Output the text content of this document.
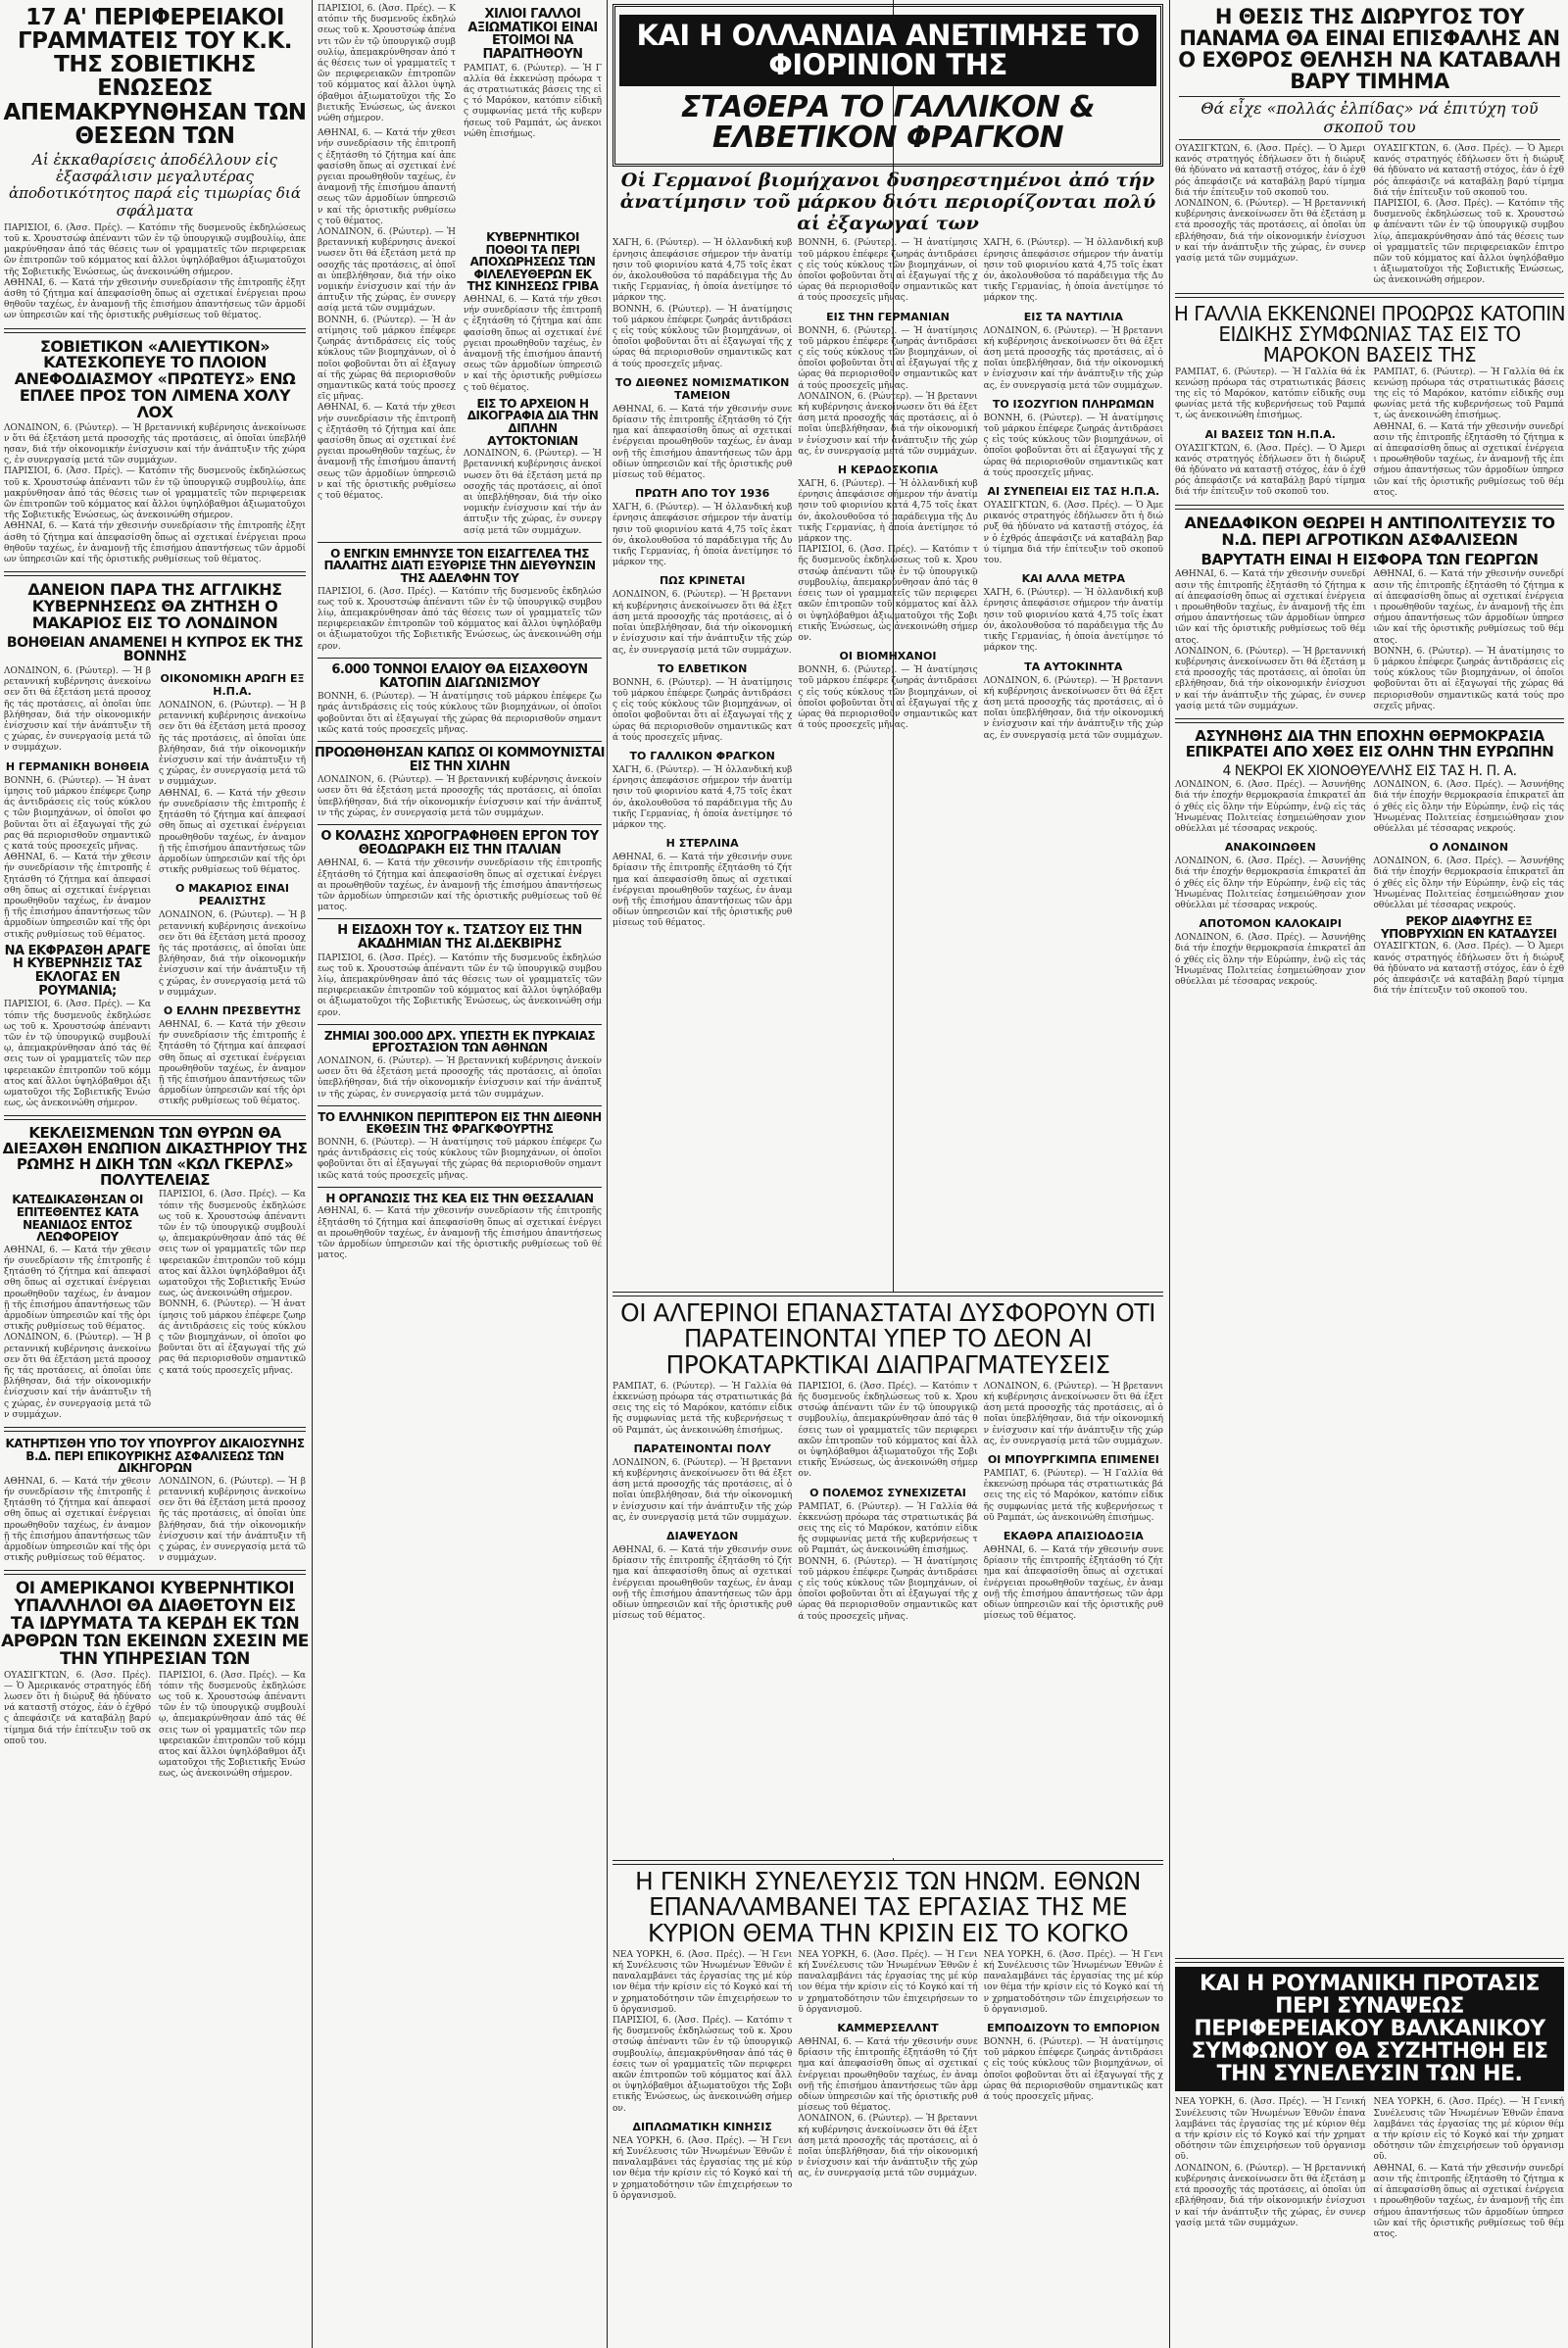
17 Α' ΠΕΡΙΦΕΡΕΙΑΚΟΙ ΓΡΑΜΜΑΤΕΙΣ ΤΟΥ Κ.Κ. ΤΗΣ ΣΟΒΙΕΤΙΚΗΣ ΕΝΩΣΕΩΣ ΑΠΕΜΑΚΡΥΝΘΗΣΑΝ ΤΩΝ ΘΕΣΕΩΝ ΤΩΝ
Αἱ ἐκκαθαρίσεις ἀποδέλλουν εἰς ἐξασφάλισιν μεγαλυτέρας ἀποδοτικότητος παρά εἰς τιμωρίας διά σφάλματα
ΠΑΡΙΣΙΟΙ, 6. (Ἀσσ. Πρές). — Κατόπιν τῆς δυσμενοῦς ἐκδηλώσεως τοῦ κ. Χρουστσώφ ἀπέναντι τῶν ἐν τῷ ὑπουργικῷ συμβουλίῳ, ἀπεμακρύνθησαν ἀπό τάς θέσεις των οἱ γραμματεῖς τῶν περιφερειακῶν ἐπιτροπῶν τοῦ κόμματος καί ἄλλοι ὑψηλόβαθμοι ἀξιωματοῦχοι τῆς Σοβιετικῆς Ἑνώσεως, ὡς ἀνεκοινώθη σήμερον.
ΑΘΗΝΑΙ, 6. — Κατά τήν χθεσινήν συνεδρίασιν τῆς ἐπιτροπῆς ἐξητάσθη τό ζήτημα καί ἀπεφασίσθη ὅπως αἱ σχετικαί ἐνέργειαι προωθηθοῦν ταχέως, ἐν ἀναμονῇ τῆς ἐπισήμου ἀπαντήσεως τῶν ἁρμοδίων ὑπηρεσιῶν καί τῆς ὁριστικῆς ρυθμίσεως τοῦ θέματος.
ΣΟΒΙΕΤΙΚΟΝ «ΑΛΙΕΥΤΙΚΟΝ» ΚΑΤΕΣΚΟΠΕΥΕ ΤΟ ΠΛΟΙΟΝ ΑΝΕΦΟΔΙΑΣΜΟΥ «ΠΡΩΤΕΥΣ» ΕΝΩ ΕΠΛΕΕ ΠΡΟΣ ΤΟΝ ΛΙΜΕΝΑ ΧΟΛΥ ΛΟΧ
ΛΟΝΔΙΝΟΝ, 6. (Ρώυτερ). — Ἡ βρεταννική κυβέρνησις ἀνεκοίνωσεν ὅτι θά ἐξετάση μετά προσοχῆς τάς προτάσεις, αἱ ὁποῖαι ὑπεβλήθησαν, διά τήν οἰκονομικήν ἐνίσχυσιν καί τήν ἀνάπτυξιν τῆς χώρας, ἐν συνεργασίᾳ μετά τῶν συμμάχων.
ΠΑΡΙΣΙΟΙ, 6. (Ἀσσ. Πρές). — Κατόπιν τῆς δυσμενοῦς ἐκδηλώσεως τοῦ κ. Χρουστσώφ ἀπέναντι τῶν ἐν τῷ ὑπουργικῷ συμβουλίῳ, ἀπεμακρύνθησαν ἀπό τάς θέσεις των οἱ γραμματεῖς τῶν περιφερειακῶν ἐπιτροπῶν τοῦ κόμματος καί ἄλλοι ὑψηλόβαθμοι ἀξιωματοῦχοι τῆς Σοβιετικῆς Ἑνώσεως, ὡς ἀνεκοινώθη σήμερον.
ΑΘΗΝΑΙ, 6. — Κατά τήν χθεσινήν συνεδρίασιν τῆς ἐπιτροπῆς ἐξητάσθη τό ζήτημα καί ἀπεφασίσθη ὅπως αἱ σχετικαί ἐνέργειαι προωθηθοῦν ταχέως, ἐν ἀναμονῇ τῆς ἐπισήμου ἀπαντήσεως τῶν ἁρμοδίων ὑπηρεσιῶν καί τῆς ὁριστικῆς ρυθμίσεως τοῦ θέματος.
ΔΑΝΕΙΟΝ ΠΑΡΑ ΤΗΣ ΑΓΓΛΙΚΗΣ ΚΥΒΕΡΝΗΣΕΩΣ ΘΑ ΖΗΤΗΣΗ Ο ΜΑΚΑΡΙΟΣ ΕΙΣ ΤΟ ΛΟΝΔΙΝΟΝ
ΒΟΗΘΕΙΑΝ ΑΝΑΜΕΝΕΙ Η ΚΥΠΡΟΣ ΕΚ ΤΗΣ ΒΟΝΝΗΣ
ΛΟΝΔΙΝΟΝ, 6. (Ρώυτερ). — Ἡ βρεταννική κυβέρνησις ἀνεκοίνωσεν ὅτι θά ἐξετάση μετά προσοχῆς τάς προτάσεις, αἱ ὁποῖαι ὑπεβλήθησαν, διά τήν οἰκονομικήν ἐνίσχυσιν καί τήν ἀνάπτυξιν τῆς χώρας, ἐν συνεργασίᾳ μετά τῶν συμμάχων.
Η ΓΕΡΜΑΝΙΚΗ ΒΟΗΘΕΙΑ
ΒΟΝΝΗ, 6. (Ρώυτερ). — Ἡ ἀνατίμησις τοῦ μάρκου ἐπέφερε ζωηράς ἀντιδράσεις εἰς τούς κύκλους τῶν βιομηχάνων, οἱ ὁποῖοι φοβοῦνται ὅτι αἱ ἐξαγωγαί τῆς χώρας θά περιορισθοῦν σημαντικῶς κατά τούς προσεχεῖς μῆνας.
ΑΘΗΝΑΙ, 6. — Κατά τήν χθεσινήν συνεδρίασιν τῆς ἐπιτροπῆς ἐξητάσθη τό ζήτημα καί ἀπεφασίσθη ὅπως αἱ σχετικαί ἐνέργειαι προωθηθοῦν ταχέως, ἐν ἀναμονῇ τῆς ἐπισήμου ἀπαντήσεως τῶν ἁρμοδίων ὑπηρεσιῶν καί τῆς ὁριστικῆς ρυθμίσεως τοῦ θέματος.
ΝΑ ΕΚΦΡΑΣΘΗ ΑΡΑΓΕ Η ΚΥΒΕΡΝΗΣΙΣ ΤΑΣ ΕΚΛΟΓΑΣ ΕΝ ΡΟΥΜΑΝΙΑ;
ΠΑΡΙΣΙΟΙ, 6. (Ἀσσ. Πρές). — Κατόπιν τῆς δυσμενοῦς ἐκδηλώσεως τοῦ κ. Χρουστσώφ ἀπέναντι τῶν ἐν τῷ ὑπουργικῷ συμβουλίῳ, ἀπεμακρύνθησαν ἀπό τάς θέσεις των οἱ γραμματεῖς τῶν περιφερειακῶν ἐπιτροπῶν τοῦ κόμματος καί ἄλλοι ὑψηλόβαθμοι ἀξιωματοῦχοι τῆς Σοβιετικῆς Ἑνώσεως, ὡς ἀνεκοινώθη σήμερον.
ΟΙΚΟΝΟΜΙΚΗ ΑΡΩΓΗ ΕΞ Η.Π.Α.
ΛΟΝΔΙΝΟΝ, 6. (Ρώυτερ). — Ἡ βρεταννική κυβέρνησις ἀνεκοίνωσεν ὅτι θά ἐξετάση μετά προσοχῆς τάς προτάσεις, αἱ ὁποῖαι ὑπεβλήθησαν, διά τήν οἰκονομικήν ἐνίσχυσιν καί τήν ἀνάπτυξιν τῆς χώρας, ἐν συνεργασίᾳ μετά τῶν συμμάχων.
ΑΘΗΝΑΙ, 6. — Κατά τήν χθεσινήν συνεδρίασιν τῆς ἐπιτροπῆς ἐξητάσθη τό ζήτημα καί ἀπεφασίσθη ὅπως αἱ σχετικαί ἐνέργειαι προωθηθοῦν ταχέως, ἐν ἀναμονῇ τῆς ἐπισήμου ἀπαντήσεως τῶν ἁρμοδίων ὑπηρεσιῶν καί τῆς ὁριστικῆς ρυθμίσεως τοῦ θέματος.
Ο ΜΑΚΑΡΙΟΣ ΕΙΝΑΙ ΡΕΑΛΙΣΤΗΣ
ΛΟΝΔΙΝΟΝ, 6. (Ρώυτερ). — Ἡ βρεταννική κυβέρνησις ἀνεκοίνωσεν ὅτι θά ἐξετάση μετά προσοχῆς τάς προτάσεις, αἱ ὁποῖαι ὑπεβλήθησαν, διά τήν οἰκονομικήν ἐνίσχυσιν καί τήν ἀνάπτυξιν τῆς χώρας, ἐν συνεργασίᾳ μετά τῶν συμμάχων.
Ο ΕΛΛΗΝ ΠΡΕΣΒΕΥΤΗΣ
ΑΘΗΝΑΙ, 6. — Κατά τήν χθεσινήν συνεδρίασιν τῆς ἐπιτροπῆς ἐξητάσθη τό ζήτημα καί ἀπεφασίσθη ὅπως αἱ σχετικαί ἐνέργειαι προωθηθοῦν ταχέως, ἐν ἀναμονῇ τῆς ἐπισήμου ἀπαντήσεως τῶν ἁρμοδίων ὑπηρεσιῶν καί τῆς ὁριστικῆς ρυθμίσεως τοῦ θέματος.
ΚΕΚΛΕΙΣΜΕΝΩΝ ΤΩΝ ΘΥΡΩΝ ΘΑ ΔΙΕΞΑΧΘΗ ΕΝΩΠΙΟΝ ΔΙΚΑΣΤΗΡΙΟΥ ΤΗΣ ΡΩΜΗΣ Η ΔΙΚΗ ΤΩΝ «ΚΩΛ ΓΚΕΡΛΣ» ΠΟΛΥΤΕΛΕΙΑΣ
ΚΑΤΕΔΙΚΑΣΘΗΣΑΝ ΟΙ ΕΠΙΤΕΘΕΝΤΕΣ ΚΑΤΑ ΝΕΑΝΙΔΟΣ ΕΝΤΟΣ ΛΕΩΦΟΡΕΙΟΥ
ΑΘΗΝΑΙ, 6. — Κατά τήν χθεσινήν συνεδρίασιν τῆς ἐπιτροπῆς ἐξητάσθη τό ζήτημα καί ἀπεφασίσθη ὅπως αἱ σχετικαί ἐνέργειαι προωθηθοῦν ταχέως, ἐν ἀναμονῇ τῆς ἐπισήμου ἀπαντήσεως τῶν ἁρμοδίων ὑπηρεσιῶν καί τῆς ὁριστικῆς ρυθμίσεως τοῦ θέματος.
ΛΟΝΔΙΝΟΝ, 6. (Ρώυτερ). — Ἡ βρεταννική κυβέρνησις ἀνεκοίνωσεν ὅτι θά ἐξετάση μετά προσοχῆς τάς προτάσεις, αἱ ὁποῖαι ὑπεβλήθησαν, διά τήν οἰκονομικήν ἐνίσχυσιν καί τήν ἀνάπτυξιν τῆς χώρας, ἐν συνεργασίᾳ μετά τῶν συμμάχων.
ΠΑΡΙΣΙΟΙ, 6. (Ἀσσ. Πρές). — Κατόπιν τῆς δυσμενοῦς ἐκδηλώσεως τοῦ κ. Χρουστσώφ ἀπέναντι τῶν ἐν τῷ ὑπουργικῷ συμβουλίῳ, ἀπεμακρύνθησαν ἀπό τάς θέσεις των οἱ γραμματεῖς τῶν περιφερειακῶν ἐπιτροπῶν τοῦ κόμματος καί ἄλλοι ὑψηλόβαθμοι ἀξιωματοῦχοι τῆς Σοβιετικῆς Ἑνώσεως, ὡς ἀνεκοινώθη σήμερον.
ΒΟΝΝΗ, 6. (Ρώυτερ). — Ἡ ἀνατίμησις τοῦ μάρκου ἐπέφερε ζωηράς ἀντιδράσεις εἰς τούς κύκλους τῶν βιομηχάνων, οἱ ὁποῖοι φοβοῦνται ὅτι αἱ ἐξαγωγαί τῆς χώρας θά περιορισθοῦν σημαντικῶς κατά τούς προσεχεῖς μῆνας.
ΚΑΤΗΡΤΙΣΘΗ ΥΠΟ ΤΟΥ ΥΠΟΥΡΓΟΥ ΔΙΚΑΙΟΣΥΝΗΣ Β.Δ. ΠΕΡΙ ΕΠΙΚΟΥΡΙΚΗΣ ΑΣΦΑΛΙΣΕΩΣ ΤΩΝ ΔΙΚΗΓΟΡΩΝ
ΑΘΗΝΑΙ, 6. — Κατά τήν χθεσινήν συνεδρίασιν τῆς ἐπιτροπῆς ἐξητάσθη τό ζήτημα καί ἀπεφασίσθη ὅπως αἱ σχετικαί ἐνέργειαι προωθηθοῦν ταχέως, ἐν ἀναμονῇ τῆς ἐπισήμου ἀπαντήσεως τῶν ἁρμοδίων ὑπηρεσιῶν καί τῆς ὁριστικῆς ρυθμίσεως τοῦ θέματος.
ΛΟΝΔΙΝΟΝ, 6. (Ρώυτερ). — Ἡ βρεταννική κυβέρνησις ἀνεκοίνωσεν ὅτι θά ἐξετάση μετά προσοχῆς τάς προτάσεις, αἱ ὁποῖαι ὑπεβλήθησαν, διά τήν οἰκονομικήν ἐνίσχυσιν καί τήν ἀνάπτυξιν τῆς χώρας, ἐν συνεργασίᾳ μετά τῶν συμμάχων.
ΟΙ ΑΜΕΡΙΚΑΝΟΙ ΚΥΒΕΡΝΗΤΙΚΟΙ ΥΠΑΛΛΗΛΟΙ ΘΑ ΔΙΑΘΕΤΟΥΝ ΕΙΣ ΤΑ ΙΔΡΥΜΑΤΑ ΤΑ ΚΕΡΔΗ ΕΚ ΤΩΝ ΑΡΘΡΩΝ ΤΩΝ ΕΚΕΙΝΩΝ ΣΧΕΣΙΝ ΜΕ ΤΗΝ ΥΠΗΡΕΣΙΑΝ ΤΩΝ
ΟΥΑΣΙΓΚΤΩΝ, 6. (Ἀσσ. Πρές). — Ὁ Ἀμερικανός στρατηγός ἐδήλωσεν ὅτι ἡ διώρυξ θά ἠδύνατο νά καταστῇ στόχος, ἐάν ὁ ἐχθρός ἀπεφάσιζε νά καταβάλῃ βαρύ τίμημα διά τήν ἐπίτευξιν τοῦ σκοποῦ του.
ΠΑΡΙΣΙΟΙ, 6. (Ἀσσ. Πρές). — Κατόπιν τῆς δυσμενοῦς ἐκδηλώσεως τοῦ κ. Χρουστσώφ ἀπέναντι τῶν ἐν τῷ ὑπουργικῷ συμβουλίῳ, ἀπεμακρύνθησαν ἀπό τάς θέσεις των οἱ γραμματεῖς τῶν περιφερειακῶν ἐπιτροπῶν τοῦ κόμματος καί ἄλλοι ὑψηλόβαθμοι ἀξιωματοῦχοι τῆς Σοβιετικῆς Ἑνώσεως, ὡς ἀνεκοινώθη σήμερον.
ΠΑΡΙΣΙΟΙ, 6. (Ἀσσ. Πρές). — Κατόπιν τῆς δυσμενοῦς ἐκδηλώσεως τοῦ κ. Χρουστσώφ ἀπέναντι τῶν ἐν τῷ ὑπουργικῷ συμβουλίῳ, ἀπεμακρύνθησαν ἀπό τάς θέσεις των οἱ γραμματεῖς τῶν περιφερειακῶν ἐπιτροπῶν τοῦ κόμματος καί ἄλλοι ὑψηλόβαθμοι ἀξιωματοῦχοι τῆς Σοβιετικῆς Ἑνώσεως, ὡς ἀνεκοινώθη σήμερον.
ΑΘΗΝΑΙ, 6. — Κατά τήν χθεσινήν συνεδρίασιν τῆς ἐπιτροπῆς ἐξητάσθη τό ζήτημα καί ἀπεφασίσθη ὅπως αἱ σχετικαί ἐνέργειαι προωθηθοῦν ταχέως, ἐν ἀναμονῇ τῆς ἐπισήμου ἀπαντήσεως τῶν ἁρμοδίων ὑπηρεσιῶν καί τῆς ὁριστικῆς ρυθμίσεως τοῦ θέματος.
ΧΙΛΙΟΙ ΓΑΛΛΟΙ ΑΞΙΩΜΑΤΙΚΟΙ ΕΙΝΑΙ ΕΤΟΙΜΟΙ ΝΑ ΠΑΡΑΙΤΗΘΟΥΝ
ΡΑΜΠΑΤ, 6. (Ρώυτερ). — Ἡ Γαλλία θά ἐκκενώσῃ πρόωρα τάς στρατιωτικάς βάσεις της εἰς τό Μαρόκον, κατόπιν εἰδικῆς συμφωνίας μετά τῆς κυβερνήσεως τοῦ Ραμπάτ, ὡς ἀνεκοινώθη ἐπισήμως.
ΛΟΝΔΙΝΟΝ, 6. (Ρώυτερ). — Ἡ βρεταννική κυβέρνησις ἀνεκοίνωσεν ὅτι θά ἐξετάση μετά προσοχῆς τάς προτάσεις, αἱ ὁποῖαι ὑπεβλήθησαν, διά τήν οἰκονομικήν ἐνίσχυσιν καί τήν ἀνάπτυξιν τῆς χώρας, ἐν συνεργασίᾳ μετά τῶν συμμάχων.
ΒΟΝΝΗ, 6. (Ρώυτερ). — Ἡ ἀνατίμησις τοῦ μάρκου ἐπέφερε ζωηράς ἀντιδράσεις εἰς τούς κύκλους τῶν βιομηχάνων, οἱ ὁποῖοι φοβοῦνται ὅτι αἱ ἐξαγωγαί τῆς χώρας θά περιορισθοῦν σημαντικῶς κατά τούς προσεχεῖς μῆνας.
ΑΘΗΝΑΙ, 6. — Κατά τήν χθεσινήν συνεδρίασιν τῆς ἐπιτροπῆς ἐξητάσθη τό ζήτημα καί ἀπεφασίσθη ὅπως αἱ σχετικαί ἐνέργειαι προωθηθοῦν ταχέως, ἐν ἀναμονῇ τῆς ἐπισήμου ἀπαντήσεως τῶν ἁρμοδίων ὑπηρεσιῶν καί τῆς ὁριστικῆς ρυθμίσεως τοῦ θέματος.
ΚΥΒΕΡΝΗΤΙΚΟΙ ΠΟΘΟΙ ΤΑ ΠΕΡΙ ΑΠΟΧΩΡΗΣΕΩΣ ΤΩΝ ΦΙΛΕΛΕΥΘΕΡΩΝ ΕΚ ΤΗΣ ΚΙΝΗΣΕΩΣ ΓΡΙΒΑ
ΑΘΗΝΑΙ, 6. — Κατά τήν χθεσινήν συνεδρίασιν τῆς ἐπιτροπῆς ἐξητάσθη τό ζήτημα καί ἀπεφασίσθη ὅπως αἱ σχετικαί ἐνέργειαι προωθηθοῦν ταχέως, ἐν ἀναμονῇ τῆς ἐπισήμου ἀπαντήσεως τῶν ἁρμοδίων ὑπηρεσιῶν καί τῆς ὁριστικῆς ρυθμίσεως τοῦ θέματος.
ΕΙΣ ΤΟ ΑΡΧΕΙΟΝ Η ΔΙΚΟΓΡΑΦΙΑ ΔΙΑ ΤΗΝ ΔΙΠΛΗΝ ΑΥΤΟΚΤΟΝΙΑΝ
ΛΟΝΔΙΝΟΝ, 6. (Ρώυτερ). — Ἡ βρεταννική κυβέρνησις ἀνεκοίνωσεν ὅτι θά ἐξετάση μετά προσοχῆς τάς προτάσεις, αἱ ὁποῖαι ὑπεβλήθησαν, διά τήν οἰκονομικήν ἐνίσχυσιν καί τήν ἀνάπτυξιν τῆς χώρας, ἐν συνεργασίᾳ μετά τῶν συμμάχων.
Ο ΕΝΓΚΙΝ ΕΜΗΝΥΣΕ ΤΟΝ ΕΙΣΑΓΓΕΛΕΑ ΤΗΣ ΠΑΛΑΙΤΗΣ ΔΙΑΤΙ ΕΞΥΘΡΙΣΕ ΤΗΝ ΔΙΕΥΘΥΝΣΙΝ ΤΗΣ ΑΔΕΛΦΗΝ ΤΟΥ
ΠΑΡΙΣΙΟΙ, 6. (Ἀσσ. Πρές). — Κατόπιν τῆς δυσμενοῦς ἐκδηλώσεως τοῦ κ. Χρουστσώφ ἀπέναντι τῶν ἐν τῷ ὑπουργικῷ συμβουλίῳ, ἀπεμακρύνθησαν ἀπό τάς θέσεις των οἱ γραμματεῖς τῶν περιφερειακῶν ἐπιτροπῶν τοῦ κόμματος καί ἄλλοι ὑψηλόβαθμοι ἀξιωματοῦχοι τῆς Σοβιετικῆς Ἑνώσεως, ὡς ἀνεκοινώθη σήμερον.
6.000 ΤΟΝΝΟΙ ΕΛΑΙΟΥ ΘΑ ΕΙΣΑΧΘΟΥΝ ΚΑΤΟΠΙΝ ΔΙΑΓΩΝΙΣΜΟΥ
ΒΟΝΝΗ, 6. (Ρώυτερ). — Ἡ ἀνατίμησις τοῦ μάρκου ἐπέφερε ζωηράς ἀντιδράσεις εἰς τούς κύκλους τῶν βιομηχάνων, οἱ ὁποῖοι φοβοῦνται ὅτι αἱ ἐξαγωγαί τῆς χώρας θά περιορισθοῦν σημαντικῶς κατά τούς προσεχεῖς μῆνας.
ΠΡΟΩΘΗΘΗΣΑΝ ΚΑΠΩΣ ΟΙ ΚΟΜΜΟΥΝΙΣΤΑΙ ΕΙΣ ΤΗΝ ΧΙΛΗΝ
ΛΟΝΔΙΝΟΝ, 6. (Ρώυτερ). — Ἡ βρεταννική κυβέρνησις ἀνεκοίνωσεν ὅτι θά ἐξετάση μετά προσοχῆς τάς προτάσεις, αἱ ὁποῖαι ὑπεβλήθησαν, διά τήν οἰκονομικήν ἐνίσχυσιν καί τήν ἀνάπτυξιν τῆς χώρας, ἐν συνεργασίᾳ μετά τῶν συμμάχων.
Ο ΚΟΛΑΣΗΣ ΧΩΡΟΓΡΑΦΗΘΕΝ ΕΡΓΟΝ ΤΟΥ ΘΕΟΔΩΡΑΚΗ ΕΙΣ ΤΗΝ ΙΤΑΛΙΑΝ
ΑΘΗΝΑΙ, 6. — Κατά τήν χθεσινήν συνεδρίασιν τῆς ἐπιτροπῆς ἐξητάσθη τό ζήτημα καί ἀπεφασίσθη ὅπως αἱ σχετικαί ἐνέργειαι προωθηθοῦν ταχέως, ἐν ἀναμονῇ τῆς ἐπισήμου ἀπαντήσεως τῶν ἁρμοδίων ὑπηρεσιῶν καί τῆς ὁριστικῆς ρυθμίσεως τοῦ θέματος.
Η ΕΙΣΔΟΧΗ ΤΟΥ κ. ΤΣΑΤΣΟΥ ΕΙΣ ΤΗΝ ΑΚΑΔΗΜΙΑΝ ΤΗΣ ΑΙ.ΔΕΚΒΙΡΗΣ
ΠΑΡΙΣΙΟΙ, 6. (Ἀσσ. Πρές). — Κατόπιν τῆς δυσμενοῦς ἐκδηλώσεως τοῦ κ. Χρουστσώφ ἀπέναντι τῶν ἐν τῷ ὑπουργικῷ συμβουλίῳ, ἀπεμακρύνθησαν ἀπό τάς θέσεις των οἱ γραμματεῖς τῶν περιφερειακῶν ἐπιτροπῶν τοῦ κόμματος καί ἄλλοι ὑψηλόβαθμοι ἀξιωματοῦχοι τῆς Σοβιετικῆς Ἑνώσεως, ὡς ἀνεκοινώθη σήμερον.
ΖΗΜΙΑΙ 300.000 ΔΡΧ. ΥΠΕΣΤΗ ΕΚ ΠΥΡΚΑΙΑΣ ΕΡΓΟΣΤΑΣΙΟΝ ΤΩΝ ΑΘΗΝΩΝ
ΛΟΝΔΙΝΟΝ, 6. (Ρώυτερ). — Ἡ βρεταννική κυβέρνησις ἀνεκοίνωσεν ὅτι θά ἐξετάση μετά προσοχῆς τάς προτάσεις, αἱ ὁποῖαι ὑπεβλήθησαν, διά τήν οἰκονομικήν ἐνίσχυσιν καί τήν ἀνάπτυξιν τῆς χώρας, ἐν συνεργασίᾳ μετά τῶν συμμάχων.
ΤΟ ΕΛΛΗΝΙΚΟΝ ΠΕΡΙΠΤΕΡΟΝ ΕΙΣ ΤΗΝ ΔΙΕΘΝΗ ΕΚΘΕΣΙΝ ΤΗΣ ΦΡΑΓΚΦΟΥΡΤΗΣ
ΒΟΝΝΗ, 6. (Ρώυτερ). — Ἡ ἀνατίμησις τοῦ μάρκου ἐπέφερε ζωηράς ἀντιδράσεις εἰς τούς κύκλους τῶν βιομηχάνων, οἱ ὁποῖοι φοβοῦνται ὅτι αἱ ἐξαγωγαί τῆς χώρας θά περιορισθοῦν σημαντικῶς κατά τούς προσεχεῖς μῆνας.
Η ΟΡΓΑΝΩΣΙΣ ΤΗΣ ΚΕΑ ΕΙΣ ΤΗΝ ΘΕΣΣΑΛΙΑΝ
ΑΘΗΝΑΙ, 6. — Κατά τήν χθεσινήν συνεδρίασιν τῆς ἐπιτροπῆς ἐξητάσθη τό ζήτημα καί ἀπεφασίσθη ὅπως αἱ σχετικαί ἐνέργειαι προωθηθοῦν ταχέως, ἐν ἀναμονῇ τῆς ἐπισήμου ἀπαντήσεως τῶν ἁρμοδίων ὑπηρεσιῶν καί τῆς ὁριστικῆς ρυθμίσεως τοῦ θέματος.
ΚΑΙ Η ΟΛΛΑΝΔΙΑ ΑΝΕΤΙΜΗΣΕ ΤΟ ΦΙΟΡΙΝΙΟΝ ΤΗΣ
ΣΤΑΘΕΡΑ ΤΟ ΓΑΛΛΙΚΟΝ & ΕΛΒΕΤΙΚΟΝ ΦΡΑΓΚΟΝ
Οἱ Γερμανοί βιομήχανοι δυσηρεστημένοι ἀπό τήν ἀνατίμησιν τοῦ μάρκου διότι περιορίζονται πολύ αἱ ἐξαγωγαί των
ΧΑΓΗ, 6. (Ρώυτερ). — Ἡ ὀλλανδική κυβέρνησις ἀπεφάσισε σήμερον τήν ἀνατίμησιν τοῦ φιορινίου κατά 4,75 τοῖς ἑκατόν, ἀκολουθοῦσα τό παράδειγμα τῆς Δυτικῆς Γερμανίας, ἡ ὁποία ἀνετίμησε τό μάρκον της.
ΒΟΝΝΗ, 6. (Ρώυτερ). — Ἡ ἀνατίμησις τοῦ μάρκου ἐπέφερε ζωηράς ἀντιδράσεις εἰς τούς κύκλους τῶν βιομηχάνων, οἱ ὁποῖοι φοβοῦνται ὅτι αἱ ἐξαγωγαί τῆς χώρας θά περιορισθοῦν σημαντικῶς κατά τούς προσεχεῖς μῆνας.
ΤΟ ΔΙΕΘΝΕΣ ΝΟΜΙΣΜΑΤΙΚΟΝ ΤΑΜΕΙΟΝ
ΑΘΗΝΑΙ, 6. — Κατά τήν χθεσινήν συνεδρίασιν τῆς ἐπιτροπῆς ἐξητάσθη τό ζήτημα καί ἀπεφασίσθη ὅπως αἱ σχετικαί ἐνέργειαι προωθηθοῦν ταχέως, ἐν ἀναμονῇ τῆς ἐπισήμου ἀπαντήσεως τῶν ἁρμοδίων ὑπηρεσιῶν καί τῆς ὁριστικῆς ρυθμίσεως τοῦ θέματος.
ΠΡΩΤΗ ΑΠΟ ΤΟΥ 1936
ΧΑΓΗ, 6. (Ρώυτερ). — Ἡ ὀλλανδική κυβέρνησις ἀπεφάσισε σήμερον τήν ἀνατίμησιν τοῦ φιορινίου κατά 4,75 τοῖς ἑκατόν, ἀκολουθοῦσα τό παράδειγμα τῆς Δυτικῆς Γερμανίας, ἡ ὁποία ἀνετίμησε τό μάρκον της.
ΠΩΣ ΚΡΙΝΕΤΑΙ
ΛΟΝΔΙΝΟΝ, 6. (Ρώυτερ). — Ἡ βρεταννική κυβέρνησις ἀνεκοίνωσεν ὅτι θά ἐξετάση μετά προσοχῆς τάς προτάσεις, αἱ ὁποῖαι ὑπεβλήθησαν, διά τήν οἰκονομικήν ἐνίσχυσιν καί τήν ἀνάπτυξιν τῆς χώρας, ἐν συνεργασίᾳ μετά τῶν συμμάχων.
ΤΟ ΕΛΒΕΤΙΚΟΝ
ΒΟΝΝΗ, 6. (Ρώυτερ). — Ἡ ἀνατίμησις τοῦ μάρκου ἐπέφερε ζωηράς ἀντιδράσεις εἰς τούς κύκλους τῶν βιομηχάνων, οἱ ὁποῖοι φοβοῦνται ὅτι αἱ ἐξαγωγαί τῆς χώρας θά περιορισθοῦν σημαντικῶς κατά τούς προσεχεῖς μῆνας.
ΤΟ ΓΑΛΛΙΚΟΝ ΦΡΑΓΚΟΝ
ΧΑΓΗ, 6. (Ρώυτερ). — Ἡ ὀλλανδική κυβέρνησις ἀπεφάσισε σήμερον τήν ἀνατίμησιν τοῦ φιορινίου κατά 4,75 τοῖς ἑκατόν, ἀκολουθοῦσα τό παράδειγμα τῆς Δυτικῆς Γερμανίας, ἡ ὁποία ἀνετίμησε τό μάρκον της.
Η ΣΤΕΡΛΙΝΑ
ΑΘΗΝΑΙ, 6. — Κατά τήν χθεσινήν συνεδρίασιν τῆς ἐπιτροπῆς ἐξητάσθη τό ζήτημα καί ἀπεφασίσθη ὅπως αἱ σχετικαί ἐνέργειαι προωθηθοῦν ταχέως, ἐν ἀναμονῇ τῆς ἐπισήμου ἀπαντήσεως τῶν ἁρμοδίων ὑπηρεσιῶν καί τῆς ὁριστικῆς ρυθμίσεως τοῦ θέματος.
ΒΟΝΝΗ, 6. (Ρώυτερ). — Ἡ ἀνατίμησις τοῦ μάρκου ἐπέφερε ζωηράς ἀντιδράσεις εἰς τούς κύκλους τῶν βιομηχάνων, οἱ ὁποῖοι φοβοῦνται ὅτι αἱ ἐξαγωγαί τῆς χώρας θά περιορισθοῦν σημαντικῶς κατά τούς προσεχεῖς μῆνας.
ΕΙΣ ΤΗΝ ΓΕΡΜΑΝΙΑΝ
ΒΟΝΝΗ, 6. (Ρώυτερ). — Ἡ ἀνατίμησις τοῦ μάρκου ἐπέφερε ζωηράς ἀντιδράσεις εἰς τούς κύκλους τῶν βιομηχάνων, οἱ ὁποῖοι φοβοῦνται ὅτι αἱ ἐξαγωγαί τῆς χώρας θά περιορισθοῦν σημαντικῶς κατά τούς προσεχεῖς μῆνας.
ΛΟΝΔΙΝΟΝ, 6. (Ρώυτερ). — Ἡ βρεταννική κυβέρνησις ἀνεκοίνωσεν ὅτι θά ἐξετάση μετά προσοχῆς τάς προτάσεις, αἱ ὁποῖαι ὑπεβλήθησαν, διά τήν οἰκονομικήν ἐνίσχυσιν καί τήν ἀνάπτυξιν τῆς χώρας, ἐν συνεργασίᾳ μετά τῶν συμμάχων.
Η ΚΕΡΔΟΣΚΟΠΙΑ
ΧΑΓΗ, 6. (Ρώυτερ). — Ἡ ὀλλανδική κυβέρνησις ἀπεφάσισε σήμερον τήν ἀνατίμησιν τοῦ φιορινίου κατά 4,75 τοῖς ἑκατόν, ἀκολουθοῦσα τό παράδειγμα τῆς Δυτικῆς Γερμανίας, ἡ ὁποία ἀνετίμησε τό μάρκον της.
ΠΑΡΙΣΙΟΙ, 6. (Ἀσσ. Πρές). — Κατόπιν τῆς δυσμενοῦς ἐκδηλώσεως τοῦ κ. Χρουστσώφ ἀπέναντι τῶν ἐν τῷ ὑπουργικῷ συμβουλίῳ, ἀπεμακρύνθησαν ἀπό τάς θέσεις των οἱ γραμματεῖς τῶν περιφερειακῶν ἐπιτροπῶν τοῦ κόμματος καί ἄλλοι ὑψηλόβαθμοι ἀξιωματοῦχοι τῆς Σοβιετικῆς Ἑνώσεως, ὡς ἀνεκοινώθη σήμερον.
ΟΙ ΒΙΟΜΗΧΑΝΟΙ
ΒΟΝΝΗ, 6. (Ρώυτερ). — Ἡ ἀνατίμησις τοῦ μάρκου ἐπέφερε ζωηράς ἀντιδράσεις εἰς τούς κύκλους τῶν βιομηχάνων, οἱ ὁποῖοι φοβοῦνται ὅτι αἱ ἐξαγωγαί τῆς χώρας θά περιορισθοῦν σημαντικῶς κατά τούς προσεχεῖς μῆνας.
ΧΑΓΗ, 6. (Ρώυτερ). — Ἡ ὀλλανδική κυβέρνησις ἀπεφάσισε σήμερον τήν ἀνατίμησιν τοῦ φιορινίου κατά 4,75 τοῖς ἑκατόν, ἀκολουθοῦσα τό παράδειγμα τῆς Δυτικῆς Γερμανίας, ἡ ὁποία ἀνετίμησε τό μάρκον της.
ΕΙΣ ΤΑ ΝΑΥΤΙΛΙΑ
ΛΟΝΔΙΝΟΝ, 6. (Ρώυτερ). — Ἡ βρεταννική κυβέρνησις ἀνεκοίνωσεν ὅτι θά ἐξετάση μετά προσοχῆς τάς προτάσεις, αἱ ὁποῖαι ὑπεβλήθησαν, διά τήν οἰκονομικήν ἐνίσχυσιν καί τήν ἀνάπτυξιν τῆς χώρας, ἐν συνεργασίᾳ μετά τῶν συμμάχων.
ΤΟ ΙΣΟΖΥΓΙΟΝ ΠΛΗΡΩΜΩΝ
ΒΟΝΝΗ, 6. (Ρώυτερ). — Ἡ ἀνατίμησις τοῦ μάρκου ἐπέφερε ζωηράς ἀντιδράσεις εἰς τούς κύκλους τῶν βιομηχάνων, οἱ ὁποῖοι φοβοῦνται ὅτι αἱ ἐξαγωγαί τῆς χώρας θά περιορισθοῦν σημαντικῶς κατά τούς προσεχεῖς μῆνας.
ΑΙ ΣΥΝΕΠΕΙΑΙ ΕΙΣ ΤΑΣ Η.Π.Α.
ΟΥΑΣΙΓΚΤΩΝ, 6. (Ἀσσ. Πρές). — Ὁ Ἀμερικανός στρατηγός ἐδήλωσεν ὅτι ἡ διώρυξ θά ἠδύνατο νά καταστῇ στόχος, ἐάν ὁ ἐχθρός ἀπεφάσιζε νά καταβάλῃ βαρύ τίμημα διά τήν ἐπίτευξιν τοῦ σκοποῦ του.
ΚΑΙ ΑΛΛΑ ΜΕΤΡΑ
ΧΑΓΗ, 6. (Ρώυτερ). — Ἡ ὀλλανδική κυβέρνησις ἀπεφάσισε σήμερον τήν ἀνατίμησιν τοῦ φιορινίου κατά 4,75 τοῖς ἑκατόν, ἀκολουθοῦσα τό παράδειγμα τῆς Δυτικῆς Γερμανίας, ἡ ὁποία ἀνετίμησε τό μάρκον της.
ΤΑ ΑΥΤΟΚΙΝΗΤΑ
ΛΟΝΔΙΝΟΝ, 6. (Ρώυτερ). — Ἡ βρεταννική κυβέρνησις ἀνεκοίνωσεν ὅτι θά ἐξετάση μετά προσοχῆς τάς προτάσεις, αἱ ὁποῖαι ὑπεβλήθησαν, διά τήν οἰκονομικήν ἐνίσχυσιν καί τήν ἀνάπτυξιν τῆς χώρας, ἐν συνεργασίᾳ μετά τῶν συμμάχων.
ΟΙ ΑΛΓΕΡΙΝΟΙ ΕΠΑΝΑΣΤΑΤΑΙ ΔΥΣΦΟΡΟΥΝ ΟΤΙ ΠΑΡΑΤΕΙΝΟΝΤΑΙ ΥΠΕΡ ΤΟ ΔΕΟΝ ΑΙ ΠΡΟΚΑΤΑΡΚΤΙΚΑΙ ΔΙΑΠΡΑΓΜΑΤΕΥΣΕΙΣ
ΡΑΜΠΑΤ, 6. (Ρώυτερ). — Ἡ Γαλλία θά ἐκκενώσῃ πρόωρα τάς στρατιωτικάς βάσεις της εἰς τό Μαρόκον, κατόπιν εἰδικῆς συμφωνίας μετά τῆς κυβερνήσεως τοῦ Ραμπάτ, ὡς ἀνεκοινώθη ἐπισήμως.
ΠΑΡΑΤΕΙΝΟΝΤΑΙ ΠΟΛΥ
ΛΟΝΔΙΝΟΝ, 6. (Ρώυτερ). — Ἡ βρεταννική κυβέρνησις ἀνεκοίνωσεν ὅτι θά ἐξετάση μετά προσοχῆς τάς προτάσεις, αἱ ὁποῖαι ὑπεβλήθησαν, διά τήν οἰκονομικήν ἐνίσχυσιν καί τήν ἀνάπτυξιν τῆς χώρας, ἐν συνεργασίᾳ μετά τῶν συμμάχων.
ΔΙΑΨΕΥΔΟΝ
ΑΘΗΝΑΙ, 6. — Κατά τήν χθεσινήν συνεδρίασιν τῆς ἐπιτροπῆς ἐξητάσθη τό ζήτημα καί ἀπεφασίσθη ὅπως αἱ σχετικαί ἐνέργειαι προωθηθοῦν ταχέως, ἐν ἀναμονῇ τῆς ἐπισήμου ἀπαντήσεως τῶν ἁρμοδίων ὑπηρεσιῶν καί τῆς ὁριστικῆς ρυθμίσεως τοῦ θέματος.
ΠΑΡΙΣΙΟΙ, 6. (Ἀσσ. Πρές). — Κατόπιν τῆς δυσμενοῦς ἐκδηλώσεως τοῦ κ. Χρουστσώφ ἀπέναντι τῶν ἐν τῷ ὑπουργικῷ συμβουλίῳ, ἀπεμακρύνθησαν ἀπό τάς θέσεις των οἱ γραμματεῖς τῶν περιφερειακῶν ἐπιτροπῶν τοῦ κόμματος καί ἄλλοι ὑψηλόβαθμοι ἀξιωματοῦχοι τῆς Σοβιετικῆς Ἑνώσεως, ὡς ἀνεκοινώθη σήμερον.
Ο ΠΟΛΕΜΟΣ ΣΥΝΕΧΙΖΕΤΑΙ
ΡΑΜΠΑΤ, 6. (Ρώυτερ). — Ἡ Γαλλία θά ἐκκενώσῃ πρόωρα τάς στρατιωτικάς βάσεις της εἰς τό Μαρόκον, κατόπιν εἰδικῆς συμφωνίας μετά τῆς κυβερνήσεως τοῦ Ραμπάτ, ὡς ἀνεκοινώθη ἐπισήμως.
ΒΟΝΝΗ, 6. (Ρώυτερ). — Ἡ ἀνατίμησις τοῦ μάρκου ἐπέφερε ζωηράς ἀντιδράσεις εἰς τούς κύκλους τῶν βιομηχάνων, οἱ ὁποῖοι φοβοῦνται ὅτι αἱ ἐξαγωγαί τῆς χώρας θά περιορισθοῦν σημαντικῶς κατά τούς προσεχεῖς μῆνας.
ΛΟΝΔΙΝΟΝ, 6. (Ρώυτερ). — Ἡ βρεταννική κυβέρνησις ἀνεκοίνωσεν ὅτι θά ἐξετάση μετά προσοχῆς τάς προτάσεις, αἱ ὁποῖαι ὑπεβλήθησαν, διά τήν οἰκονομικήν ἐνίσχυσιν καί τήν ἀνάπτυξιν τῆς χώρας, ἐν συνεργασίᾳ μετά τῶν συμμάχων.
ΟΙ ΜΠΟΥΡΓΚΙΜΠΑ ΕΠΙΜΕΝΕΙ
ΡΑΜΠΑΤ, 6. (Ρώυτερ). — Ἡ Γαλλία θά ἐκκενώσῃ πρόωρα τάς στρατιωτικάς βάσεις της εἰς τό Μαρόκον, κατόπιν εἰδικῆς συμφωνίας μετά τῆς κυβερνήσεως τοῦ Ραμπάτ, ὡς ἀνεκοινώθη ἐπισήμως.
ΕΚΑΘΡΑ ΑΠΑΙΣΙΟΔΟΞΙΑ
ΑΘΗΝΑΙ, 6. — Κατά τήν χθεσινήν συνεδρίασιν τῆς ἐπιτροπῆς ἐξητάσθη τό ζήτημα καί ἀπεφασίσθη ὅπως αἱ σχετικαί ἐνέργειαι προωθηθοῦν ταχέως, ἐν ἀναμονῇ τῆς ἐπισήμου ἀπαντήσεως τῶν ἁρμοδίων ὑπηρεσιῶν καί τῆς ὁριστικῆς ρυθμίσεως τοῦ θέματος.
Η ΓΕΝΙΚΗ ΣΥΝΕΛΕΥΣΙΣ ΤΩΝ ΗΝΩΜ. ΕΘΝΩΝ ΕΠΑΝΑΛΑΜΒΑΝΕΙ ΤΑΣ ΕΡΓΑΣΙΑΣ ΤΗΣ ΜΕ ΚΥΡΙΟΝ ΘΕΜΑ ΤΗΝ ΚΡΙΣΙΝ ΕΙΣ ΤΟ ΚΟΓΚΟ
ΝΕΑ ΥΟΡΚΗ, 6. (Ἀσσ. Πρές). — Ἡ Γενική Συνέλευσις τῶν Ἡνωμένων Ἐθνῶν ἐπαναλαμβάνει τάς ἐργασίας της μέ κύριον θέμα τήν κρίσιν εἰς τό Κογκό καί τήν χρηματοδότησιν τῶν ἐπιχειρήσεων τοῦ ὀργανισμοῦ.
ΠΑΡΙΣΙΟΙ, 6. (Ἀσσ. Πρές). — Κατόπιν τῆς δυσμενοῦς ἐκδηλώσεως τοῦ κ. Χρουστσώφ ἀπέναντι τῶν ἐν τῷ ὑπουργικῷ συμβουλίῳ, ἀπεμακρύνθησαν ἀπό τάς θέσεις των οἱ γραμματεῖς τῶν περιφερειακῶν ἐπιτροπῶν τοῦ κόμματος καί ἄλλοι ὑψηλόβαθμοι ἀξιωματοῦχοι τῆς Σοβιετικῆς Ἑνώσεως, ὡς ἀνεκοινώθη σήμερον.
ΔΙΠΛΩΜΑΤΙΚΗ ΚΙΝΗΣΙΣ
ΝΕΑ ΥΟΡΚΗ, 6. (Ἀσσ. Πρές). — Ἡ Γενική Συνέλευσις τῶν Ἡνωμένων Ἐθνῶν ἐπαναλαμβάνει τάς ἐργασίας της μέ κύριον θέμα τήν κρίσιν εἰς τό Κογκό καί τήν χρηματοδότησιν τῶν ἐπιχειρήσεων τοῦ ὀργανισμοῦ.
ΝΕΑ ΥΟΡΚΗ, 6. (Ἀσσ. Πρές). — Ἡ Γενική Συνέλευσις τῶν Ἡνωμένων Ἐθνῶν ἐπαναλαμβάνει τάς ἐργασίας της μέ κύριον θέμα τήν κρίσιν εἰς τό Κογκό καί τήν χρηματοδότησιν τῶν ἐπιχειρήσεων τοῦ ὀργανισμοῦ.
ΚΑΜΜΕΡΣΕΛΛΝΤ
ΑΘΗΝΑΙ, 6. — Κατά τήν χθεσινήν συνεδρίασιν τῆς ἐπιτροπῆς ἐξητάσθη τό ζήτημα καί ἀπεφασίσθη ὅπως αἱ σχετικαί ἐνέργειαι προωθηθοῦν ταχέως, ἐν ἀναμονῇ τῆς ἐπισήμου ἀπαντήσεως τῶν ἁρμοδίων ὑπηρεσιῶν καί τῆς ὁριστικῆς ρυθμίσεως τοῦ θέματος.
ΛΟΝΔΙΝΟΝ, 6. (Ρώυτερ). — Ἡ βρεταννική κυβέρνησις ἀνεκοίνωσεν ὅτι θά ἐξετάση μετά προσοχῆς τάς προτάσεις, αἱ ὁποῖαι ὑπεβλήθησαν, διά τήν οἰκονομικήν ἐνίσχυσιν καί τήν ἀνάπτυξιν τῆς χώρας, ἐν συνεργασίᾳ μετά τῶν συμμάχων.
ΝΕΑ ΥΟΡΚΗ, 6. (Ἀσσ. Πρές). — Ἡ Γενική Συνέλευσις τῶν Ἡνωμένων Ἐθνῶν ἐπαναλαμβάνει τάς ἐργασίας της μέ κύριον θέμα τήν κρίσιν εἰς τό Κογκό καί τήν χρηματοδότησιν τῶν ἐπιχειρήσεων τοῦ ὀργανισμοῦ.
ΕΜΠΟΔΙΖΟΥΝ ΤΟ ΕΜΠΟΡΙΟΝ
ΒΟΝΝΗ, 6. (Ρώυτερ). — Ἡ ἀνατίμησις τοῦ μάρκου ἐπέφερε ζωηράς ἀντιδράσεις εἰς τούς κύκλους τῶν βιομηχάνων, οἱ ὁποῖοι φοβοῦνται ὅτι αἱ ἐξαγωγαί τῆς χώρας θά περιορισθοῦν σημαντικῶς κατά τούς προσεχεῖς μῆνας.
Η ΘΕΣΙΣ ΤΗΣ ΔΙΩΡΥΓΟΣ ΤΟΥ ΠΑΝΑΜΑ ΘΑ ΕΙΝΑΙ ΕΠΙΣΦΑΛΗΣ ΑΝ Ο ΕΧΘΡΟΣ ΘΕΛΗΣΗ ΝΑ ΚΑΤΑΒΑΛΗ ΒΑΡΥ ΤΙΜΗΜΑ
Θά εἶχε «πολλάς ἐλπίδας» νά ἐπιτύχη τοῦ σκοποῦ του
ΟΥΑΣΙΓΚΤΩΝ, 6. (Ἀσσ. Πρές). — Ὁ Ἀμερικανός στρατηγός ἐδήλωσεν ὅτι ἡ διώρυξ θά ἠδύνατο νά καταστῇ στόχος, ἐάν ὁ ἐχθρός ἀπεφάσιζε νά καταβάλῃ βαρύ τίμημα διά τήν ἐπίτευξιν τοῦ σκοποῦ του.
ΛΟΝΔΙΝΟΝ, 6. (Ρώυτερ). — Ἡ βρεταννική κυβέρνησις ἀνεκοίνωσεν ὅτι θά ἐξετάση μετά προσοχῆς τάς προτάσεις, αἱ ὁποῖαι ὑπεβλήθησαν, διά τήν οἰκονομικήν ἐνίσχυσιν καί τήν ἀνάπτυξιν τῆς χώρας, ἐν συνεργασίᾳ μετά τῶν συμμάχων.
ΟΥΑΣΙΓΚΤΩΝ, 6. (Ἀσσ. Πρές). — Ὁ Ἀμερικανός στρατηγός ἐδήλωσεν ὅτι ἡ διώρυξ θά ἠδύνατο νά καταστῇ στόχος, ἐάν ὁ ἐχθρός ἀπεφάσιζε νά καταβάλῃ βαρύ τίμημα διά τήν ἐπίτευξιν τοῦ σκοποῦ του.
ΠΑΡΙΣΙΟΙ, 6. (Ἀσσ. Πρές). — Κατόπιν τῆς δυσμενοῦς ἐκδηλώσεως τοῦ κ. Χρουστσώφ ἀπέναντι τῶν ἐν τῷ ὑπουργικῷ συμβουλίῳ, ἀπεμακρύνθησαν ἀπό τάς θέσεις των οἱ γραμματεῖς τῶν περιφερειακῶν ἐπιτροπῶν τοῦ κόμματος καί ἄλλοι ὑψηλόβαθμοι ἀξιωματοῦχοι τῆς Σοβιετικῆς Ἑνώσεως, ὡς ἀνεκοινώθη σήμερον.
Η ΓΑΛΛΙΑ ΕΚΚΕΝΩΝΕΙ ΠΡΟΩΡΩΣ ΚΑΤΟΠΙΝ ΕΙΔΙΚΗΣ ΣΥΜΦΩΝΙΑΣ ΤΑΣ ΕΙΣ ΤΟ ΜΑΡΟΚΟΝ ΒΑΣΕΙΣ ΤΗΣ
ΡΑΜΠΑΤ, 6. (Ρώυτερ). — Ἡ Γαλλία θά ἐκκενώσῃ πρόωρα τάς στρατιωτικάς βάσεις της εἰς τό Μαρόκον, κατόπιν εἰδικῆς συμφωνίας μετά τῆς κυβερνήσεως τοῦ Ραμπάτ, ὡς ἀνεκοινώθη ἐπισήμως.
ΑΙ ΒΑΣΕΙΣ ΤΩΝ Η.Π.Α.
ΟΥΑΣΙΓΚΤΩΝ, 6. (Ἀσσ. Πρές). — Ὁ Ἀμερικανός στρατηγός ἐδήλωσεν ὅτι ἡ διώρυξ θά ἠδύνατο νά καταστῇ στόχος, ἐάν ὁ ἐχθρός ἀπεφάσιζε νά καταβάλῃ βαρύ τίμημα διά τήν ἐπίτευξιν τοῦ σκοποῦ του.
ΡΑΜΠΑΤ, 6. (Ρώυτερ). — Ἡ Γαλλία θά ἐκκενώσῃ πρόωρα τάς στρατιωτικάς βάσεις της εἰς τό Μαρόκον, κατόπιν εἰδικῆς συμφωνίας μετά τῆς κυβερνήσεως τοῦ Ραμπάτ, ὡς ἀνεκοινώθη ἐπισήμως.
ΑΘΗΝΑΙ, 6. — Κατά τήν χθεσινήν συνεδρίασιν τῆς ἐπιτροπῆς ἐξητάσθη τό ζήτημα καί ἀπεφασίσθη ὅπως αἱ σχετικαί ἐνέργειαι προωθηθοῦν ταχέως, ἐν ἀναμονῇ τῆς ἐπισήμου ἀπαντήσεως τῶν ἁρμοδίων ὑπηρεσιῶν καί τῆς ὁριστικῆς ρυθμίσεως τοῦ θέματος.
ΑΝΕΔΑΦΙΚΟΝ ΘΕΩΡΕΙ Η ΑΝΤΙΠΟΛΙΤΕΥΣΙΣ ΤΟ Ν.Δ. ΠΕΡΙ ΑΓΡΟΤΙΚΩΝ ΑΣΦΑΛΙΣΕΩΝ
ΒΑΡΥΤΑΤΗ ΕΙΝΑΙ Η ΕΙΣΦΟΡΑ ΤΩΝ ΓΕΩΡΓΩΝ
ΑΘΗΝΑΙ, 6. — Κατά τήν χθεσινήν συνεδρίασιν τῆς ἐπιτροπῆς ἐξητάσθη τό ζήτημα καί ἀπεφασίσθη ὅπως αἱ σχετικαί ἐνέργειαι προωθηθοῦν ταχέως, ἐν ἀναμονῇ τῆς ἐπισήμου ἀπαντήσεως τῶν ἁρμοδίων ὑπηρεσιῶν καί τῆς ὁριστικῆς ρυθμίσεως τοῦ θέματος.
ΛΟΝΔΙΝΟΝ, 6. (Ρώυτερ). — Ἡ βρεταννική κυβέρνησις ἀνεκοίνωσεν ὅτι θά ἐξετάση μετά προσοχῆς τάς προτάσεις, αἱ ὁποῖαι ὑπεβλήθησαν, διά τήν οἰκονομικήν ἐνίσχυσιν καί τήν ἀνάπτυξιν τῆς χώρας, ἐν συνεργασίᾳ μετά τῶν συμμάχων.
ΑΘΗΝΑΙ, 6. — Κατά τήν χθεσινήν συνεδρίασιν τῆς ἐπιτροπῆς ἐξητάσθη τό ζήτημα καί ἀπεφασίσθη ὅπως αἱ σχετικαί ἐνέργειαι προωθηθοῦν ταχέως, ἐν ἀναμονῇ τῆς ἐπισήμου ἀπαντήσεως τῶν ἁρμοδίων ὑπηρεσιῶν καί τῆς ὁριστικῆς ρυθμίσεως τοῦ θέματος.
ΒΟΝΝΗ, 6. (Ρώυτερ). — Ἡ ἀνατίμησις τοῦ μάρκου ἐπέφερε ζωηράς ἀντιδράσεις εἰς τούς κύκλους τῶν βιομηχάνων, οἱ ὁποῖοι φοβοῦνται ὅτι αἱ ἐξαγωγαί τῆς χώρας θά περιορισθοῦν σημαντικῶς κατά τούς προσεχεῖς μῆνας.
ΑΣΥΝΗΘΗΣ ΔΙΑ ΤΗΝ ΕΠΟΧΗΝ ΘΕΡΜΟΚΡΑΣΙΑ ΕΠΙΚΡΑΤΕΙ ΑΠΟ ΧΘΕΣ ΕΙΣ ΟΛΗΝ ΤΗΝ ΕΥΡΩΠΗΝ
4 ΝΕΚΡΟΙ ΕΚ ΧΙΟΝΟΘΥΕΛΛΗΣ ΕΙΣ ΤΑΣ Η. Π. Α.
ΛΟΝΔΙΝΟΝ, 6. (Ἀσσ. Πρές). — Ἀσυνήθης διά τήν ἐποχήν θερμοκρασία ἐπικρατεῖ ἀπό χθές εἰς ὅλην τήν Εὐρώπην, ἐνῷ εἰς τάς Ἡνωμένας Πολιτείας ἐσημειώθησαν χιονοθύελλαι μέ τέσσαρας νεκρούς.
ΑΝΑΚΟΙΝΩΘΕΝ
ΛΟΝΔΙΝΟΝ, 6. (Ἀσσ. Πρές). — Ἀσυνήθης διά τήν ἐποχήν θερμοκρασία ἐπικρατεῖ ἀπό χθές εἰς ὅλην τήν Εὐρώπην, ἐνῷ εἰς τάς Ἡνωμένας Πολιτείας ἐσημειώθησαν χιονοθύελλαι μέ τέσσαρας νεκρούς.
ΑΠΟΤΟΜΟΝ ΚΑΛΟΚΑΙΡΙ
ΛΟΝΔΙΝΟΝ, 6. (Ἀσσ. Πρές). — Ἀσυνήθης διά τήν ἐποχήν θερμοκρασία ἐπικρατεῖ ἀπό χθές εἰς ὅλην τήν Εὐρώπην, ἐνῷ εἰς τάς Ἡνωμένας Πολιτείας ἐσημειώθησαν χιονοθύελλαι μέ τέσσαρας νεκρούς.
ΛΟΝΔΙΝΟΝ, 6. (Ἀσσ. Πρές). — Ἀσυνήθης διά τήν ἐποχήν θερμοκρασία ἐπικρατεῖ ἀπό χθές εἰς ὅλην τήν Εὐρώπην, ἐνῷ εἰς τάς Ἡνωμένας Πολιτείας ἐσημειώθησαν χιονοθύελλαι μέ τέσσαρας νεκρούς.
Ο ΛΟΝΔΙΝΟΝ
ΛΟΝΔΙΝΟΝ, 6. (Ἀσσ. Πρές). — Ἀσυνήθης διά τήν ἐποχήν θερμοκρασία ἐπικρατεῖ ἀπό χθές εἰς ὅλην τήν Εὐρώπην, ἐνῷ εἰς τάς Ἡνωμένας Πολιτείας ἐσημειώθησαν χιονοθύελλαι μέ τέσσαρας νεκρούς.
ΡΕΚΟΡ ΔΙΑΦΥΓΗΣ ΕΞ ΥΠΟΒΡΥΧΙΩΝ ΕΝ ΚΑΤΑΔΥΣΕΙ
ΟΥΑΣΙΓΚΤΩΝ, 6. (Ἀσσ. Πρές). — Ὁ Ἀμερικανός στρατηγός ἐδήλωσεν ὅτι ἡ διώρυξ θά ἠδύνατο νά καταστῇ στόχος, ἐάν ὁ ἐχθρός ἀπεφάσιζε νά καταβάλῃ βαρύ τίμημα διά τήν ἐπίτευξιν τοῦ σκοποῦ του.
ΚΑΙ Η ΡΟΥΜΑΝΙΚΗ ΠΡΟΤΑΣΙΣ ΠΕΡΙ ΣΥΝΑΨΕΩΣ ΠΕΡΙΦΕΡΕΙΑΚΟΥ ΒΑΛΚΑΝΙΚΟΥ ΣΥΜΦΩΝΟΥ ΘΑ ΣΥΖΗΤΗΘΗ ΕΙΣ ΤΗΝ ΣΥΝΕΛΕΥΣΙΝ ΤΩΝ ΗΕ.
ΝΕΑ ΥΟΡΚΗ, 6. (Ἀσσ. Πρές). — Ἡ Γενική Συνέλευσις τῶν Ἡνωμένων Ἐθνῶν ἐπαναλαμβάνει τάς ἐργασίας της μέ κύριον θέμα τήν κρίσιν εἰς τό Κογκό καί τήν χρηματοδότησιν τῶν ἐπιχειρήσεων τοῦ ὀργανισμοῦ.
ΛΟΝΔΙΝΟΝ, 6. (Ρώυτερ). — Ἡ βρεταννική κυβέρνησις ἀνεκοίνωσεν ὅτι θά ἐξετάση μετά προσοχῆς τάς προτάσεις, αἱ ὁποῖαι ὑπεβλήθησαν, διά τήν οἰκονομικήν ἐνίσχυσιν καί τήν ἀνάπτυξιν τῆς χώρας, ἐν συνεργασίᾳ μετά τῶν συμμάχων.
ΝΕΑ ΥΟΡΚΗ, 6. (Ἀσσ. Πρές). — Ἡ Γενική Συνέλευσις τῶν Ἡνωμένων Ἐθνῶν ἐπαναλαμβάνει τάς ἐργασίας της μέ κύριον θέμα τήν κρίσιν εἰς τό Κογκό καί τήν χρηματοδότησιν τῶν ἐπιχειρήσεων τοῦ ὀργανισμοῦ.
ΑΘΗΝΑΙ, 6. — Κατά τήν χθεσινήν συνεδρίασιν τῆς ἐπιτροπῆς ἐξητάσθη τό ζήτημα καί ἀπεφασίσθη ὅπως αἱ σχετικαί ἐνέργειαι προωθηθοῦν ταχέως, ἐν ἀναμονῇ τῆς ἐπισήμου ἀπαντήσεως τῶν ἁρμοδίων ὑπηρεσιῶν καί τῆς ὁριστικῆς ρυθμίσεως τοῦ θέματος.
